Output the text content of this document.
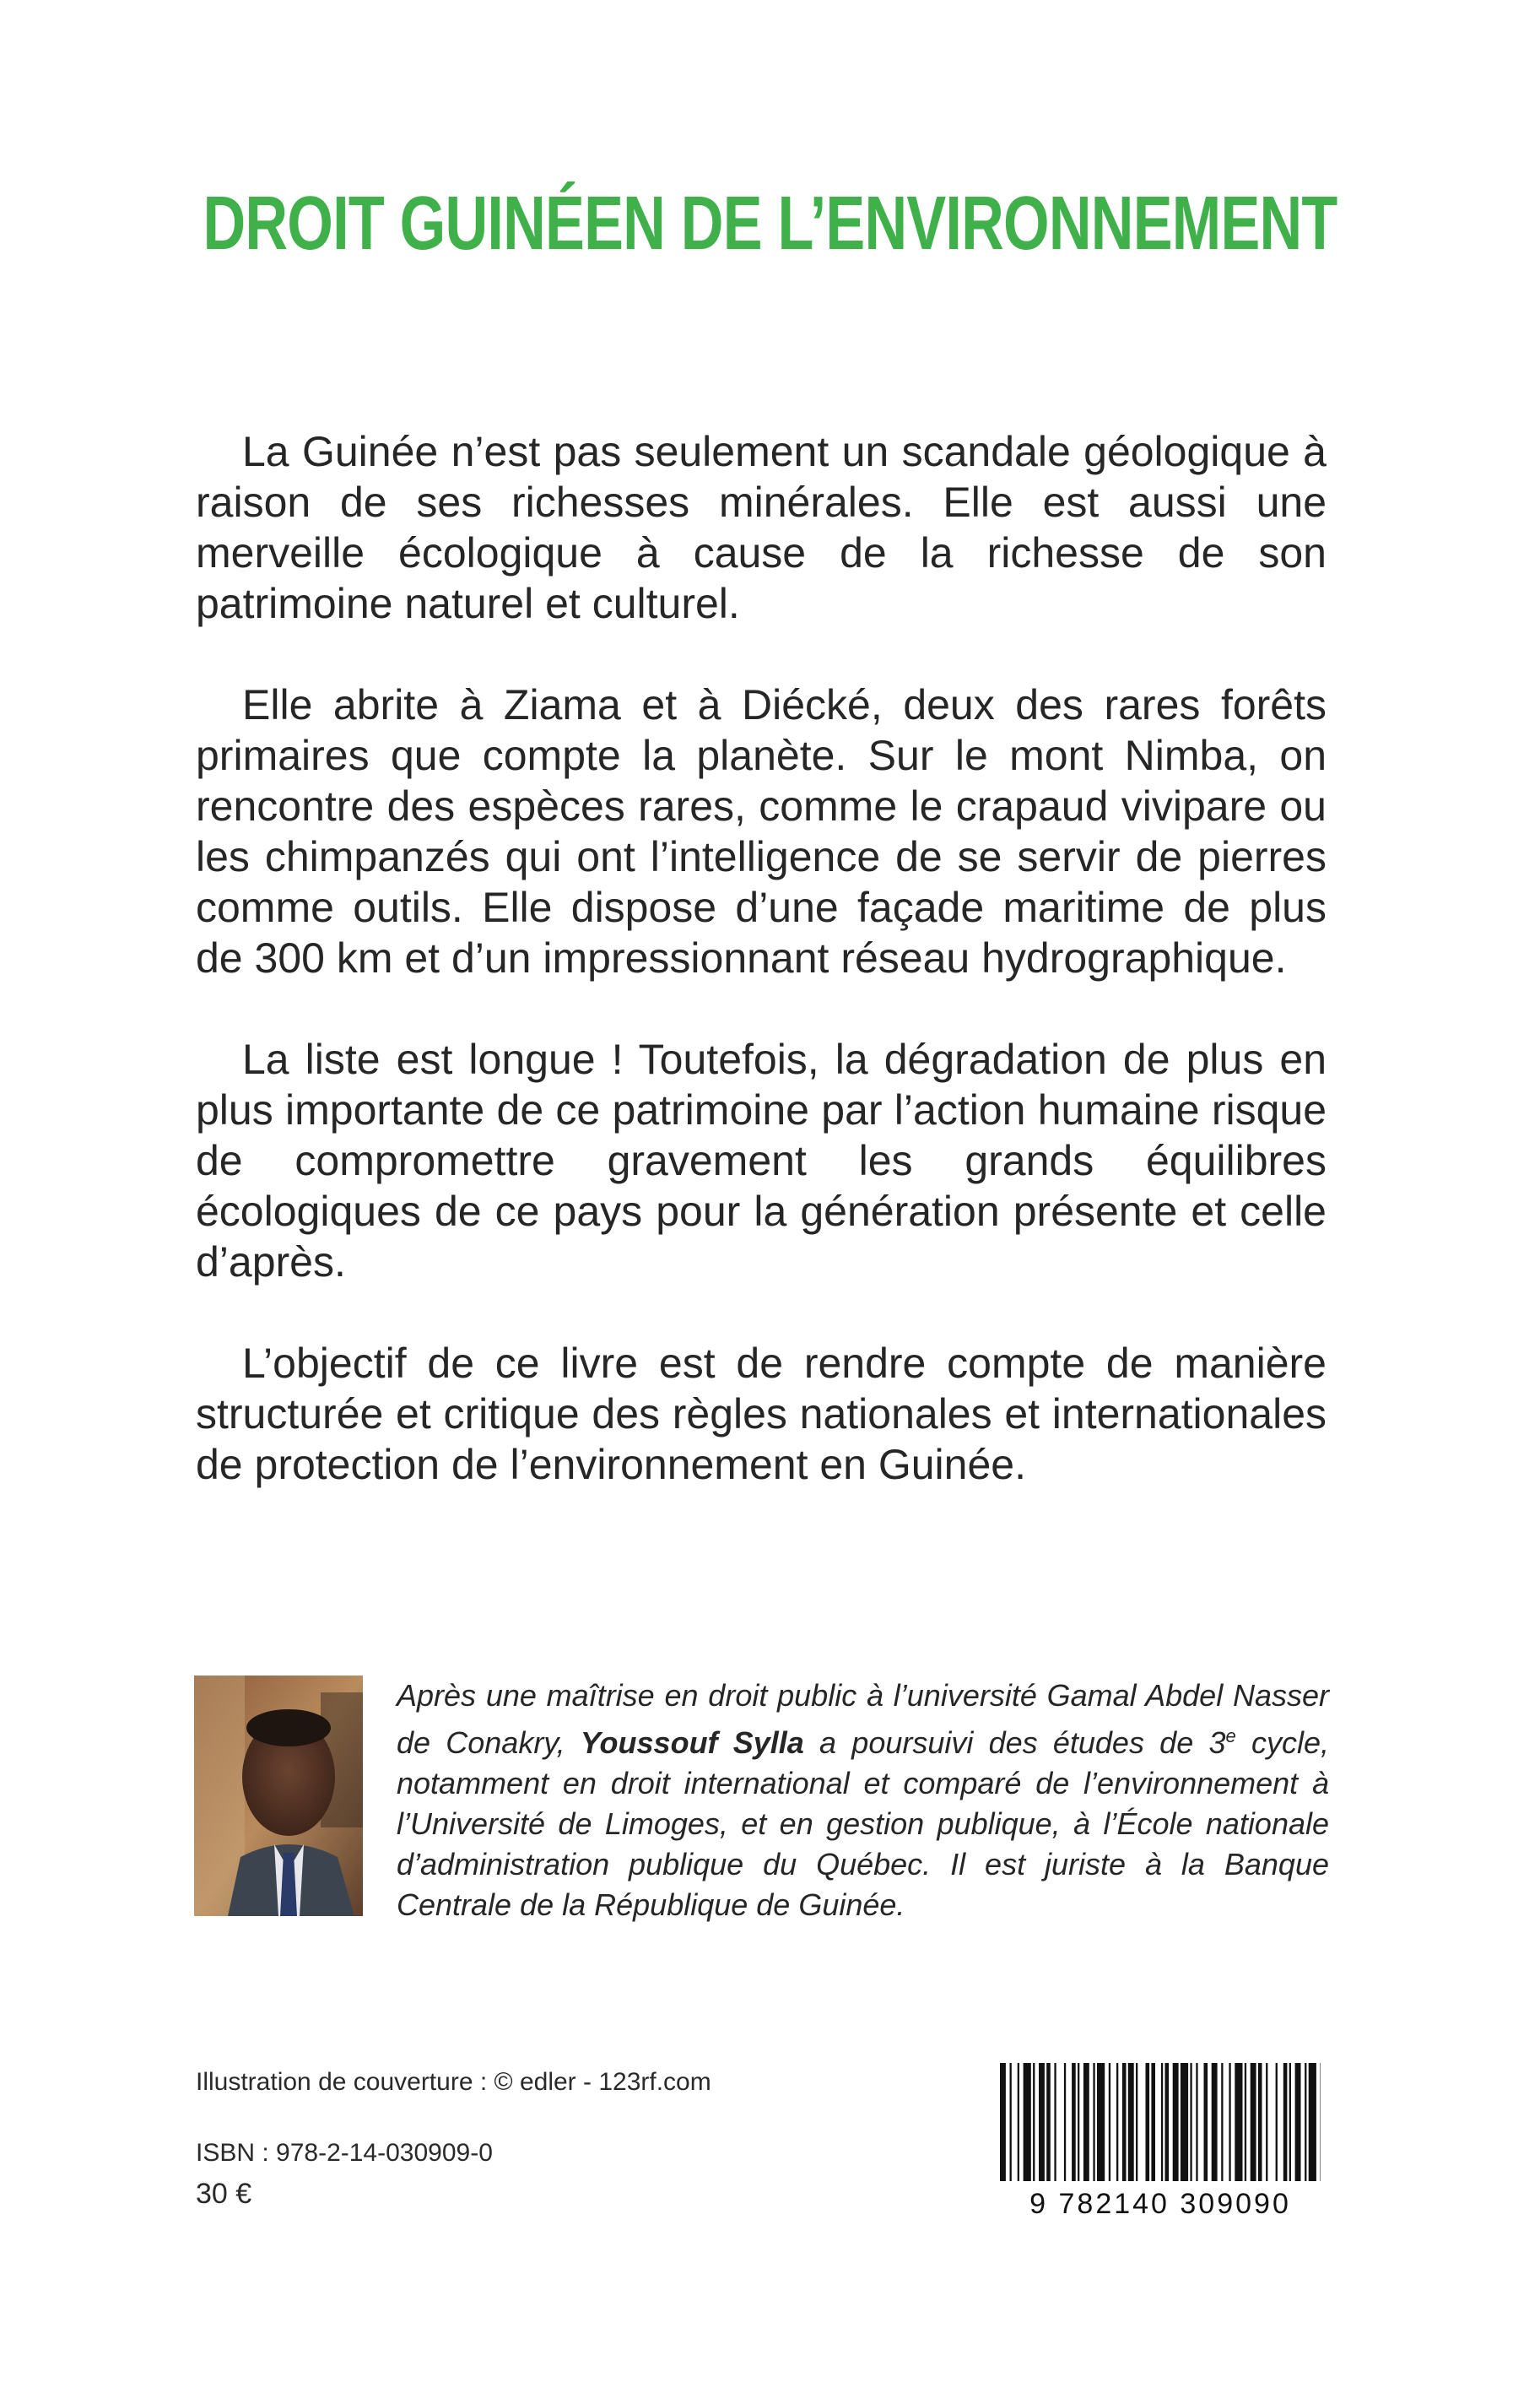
DROIT GUINÉEN DE L’ENVIRONNEMENT

La Guinée n’est pas seulement un scandale géologique à raison de ses richesses minérales. Elle est aussi une merveille écologique à cause de la richesse de son patrimoine naturel et culturel.

Elle abrite à Ziama et à Diécké, deux des rares forêts primaires que compte la planète. Sur le mont Nimba, on rencontre des espèces rares, comme le crapaud vivipare ou les chimpanzés qui ont l’intelligence de se servir de pierres comme outils. Elle dispose d’une façade maritime de plus de 300 km et d’un impressionnant réseau hydrographique.

La liste est longue ! Toutefois, la dégradation de plus en plus importante de ce patrimoine par l’action humaine risque de compromettre gravement les grands équilibres écologiques de ce pays pour la génération présente et celle d’après.

L’objectif de ce livre est de rendre compte de manière structurée et critique des règles nationales et internationales de protection de l’environnement en Guinée.

Après une maîtrise en droit public à l’université Gamal Abdel Nasser de Conakry, Youssouf Sylla a poursuivi des études de 3e cycle, notamment en droit international et comparé de l’environnement à l’Université de Limoges, et en gestion publique, à l’École nationale d’administration publique du Québec. Il est juriste à la Banque Centrale de la République de Guinée.
Illustration de couverture : © edler - 123rf.com
ISBN : 978-2-14-030909-0
30 €	9 782140 309090
